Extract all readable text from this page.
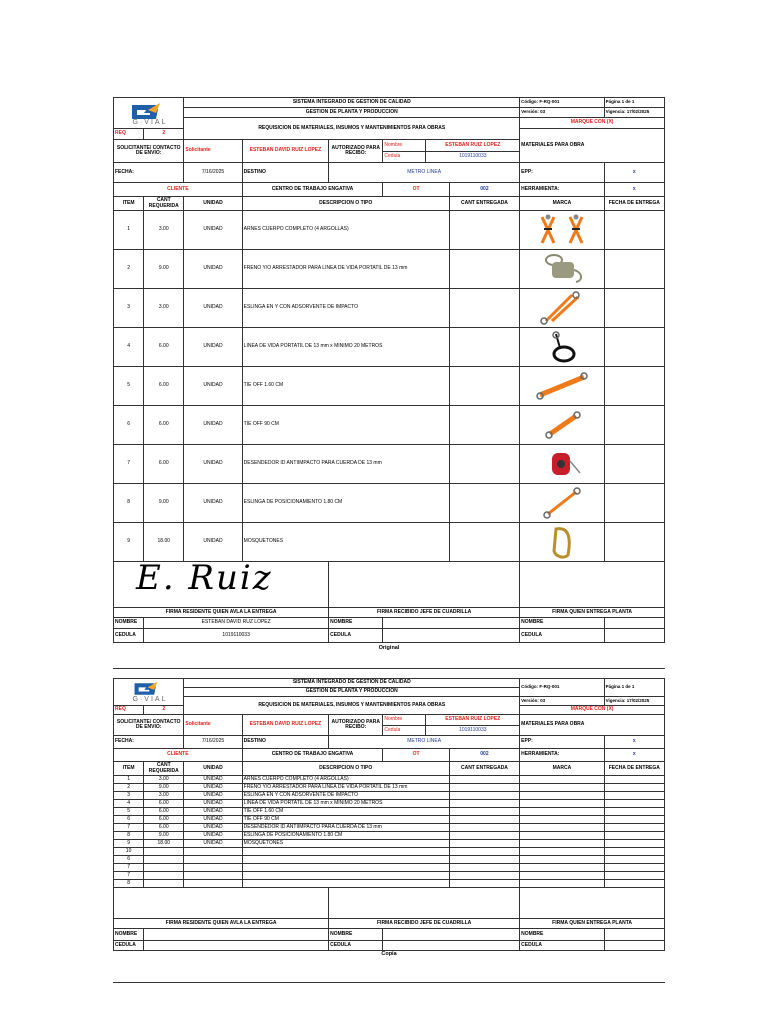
G·VIAL
	SISTEMA INTEGRADO DE GESTION DE CALIDAD	Código: F-RQ-001	Página 1 de 1
GESTION DE PLANTA Y PRODUCCION	Versión: 03	Vigencia: 17/02/2025
REQUISICION DE MATERIALES, INSUMOS Y MANTENIMIENTOS PARA OBRAS	MARQUE CON (X)
REQ	2	MATERIALES PARA OBRA
SOLICITANTE/ CONTACTO DE ENVIO:	Solicitante	ESTEBAN DAVID RUIZ LOPEZ	AUTORIZADO PARA RECIBO:	
Nombre	ESTEBAN RUIZ LOPEZ
Cedula	1019110033

FECHA:	7/16/2025	DESTINO	METRO LINEA	EPP:	x
CLIENTE	CENTRO DE TRABAJO ENGATIVA	OT	002	HERRAMIENTA:	x
ITEM	CANT REQUERIDA	UNIDAD	DESCRIPCION O TIPO	CANT ENTREGADA	MARCA	FECHA DE ENTREGA
1	3.00	UNIDAD	ARNES CUERPO COMPLETO (4 ARGOLLAS)		

2	9.00	UNIDAD	FRENO Y/O ARRESTADOR PARA LINEA DE VIDA PORTATIL DE 13 mm		

3	3.00	UNIDAD	ESLINGA EN Y CON ADSORVENTE DE IMPACTO		

4	6.00	UNIDAD	LINEA DE VIDA PORTATIL DE 13 mm x MINIMO 20 METROS		

5	6.00	UNIDAD	TIE OFF 1.60 CM		

6	6.00	UNIDAD	TIE OFF 90 CM		

7	6.00	UNIDAD	DESENDEDOR ID ANTIIMPACTO PARA CUERDA DE 13 mm		

8	9.00	UNIDAD	ESLINGA DE POSICIONAMIENTO 1.80 CM		

9	18.00	UNIDAD	MOSQUETONES		

E. Ruiz

FIRMA RESIDENTE QUIEN AVLA LA ENTREGA	FIRMA RECIBIDO JEFE DE CUADRILLA	FIRMA QUIEN ENTREGA PLANTA
NOMBRE	ESTEBAN DAVID RUZ LOPEZ	NOMBRE		NOMBRE	
CEDULA	1019110033	CEDULA		CEDULA	
Original
G·VIAL
	SISTEMA INTEGRADO DE GESTION DE CALIDAD	Código: F-RQ-001	Página 1 de 1
GESTION DE PLANTA Y PRODUCCION
REQUISICION DE MATERIALES, INSUMOS Y MANTENIMIENTOS PARA OBRAS	Versión: 03	Vigencia: 17/02/2025
REQ	2	MARQUE CON (X)
SOLICITANTE/ CONTACTO DE ENVIO:	Solicitante	ESTEBAN DAVID RUIZ LOPEZ	AUTORIZADO PARA RECIBO:	
Nombre	ESTEBAN RUIZ LOPEZ
Cedula	1019110033
	MATERIALES PARA OBRA
FECHA:	7/16/2025	DESTINO	METRO LINEA	EPP:	x
CLIENTE	CENTRO DE TRABAJO ENGATIVA	OT	002	HERRAMIENTA:	x
ITEM	CANT REQUERIDA	UNIDAD	DESCRIPCION O TIPO	CANT ENTREGADA	MARCA	FECHA DE ENTREGA
1	3.00	UNIDAD	ARNES CUERPO COMPLETO (4 ARGOLLAS)			
2	9.00	UNIDAD	FRENO Y/O ARRESTADOR PARA LINEA DE VIDA PORTATIL DE 13 mm			
3	3.00	UNIDAD	ESLINGA EN Y CON ADSORVENTE DE IMPACTO			
4	6.00	UNIDAD	LINEA DE VIDA PORTATIL DE 13 mm x MINIMO 20 METROS			
5	6.00	UNIDAD	TIE OFF 1.60 CM			
6	6.00	UNIDAD	TIE OFF 90 CM			
7	6.00	UNIDAD	DESENDEDOR ID ANTIIMPACTO PARA CUERDA DE 13 mm			
8	9.00	UNIDAD	ESLINGA DE POSICIONAMIENTO 1.80 CM			
9	18.00	UNIDAD	MOSQUETONES			
10						
6						
7						
7						
8						

FIRMA RESIDENTE QUIEN AVLA LA ENTREGA	FIRMA RECIBIDO JEFE DE CUADRILLA	FIRMA QUIEN ENTREGA PLANTA
NOMBRE		NOMBRE		NOMBRE	
CEDULA		CEDULA		CEDULA	
Copia
